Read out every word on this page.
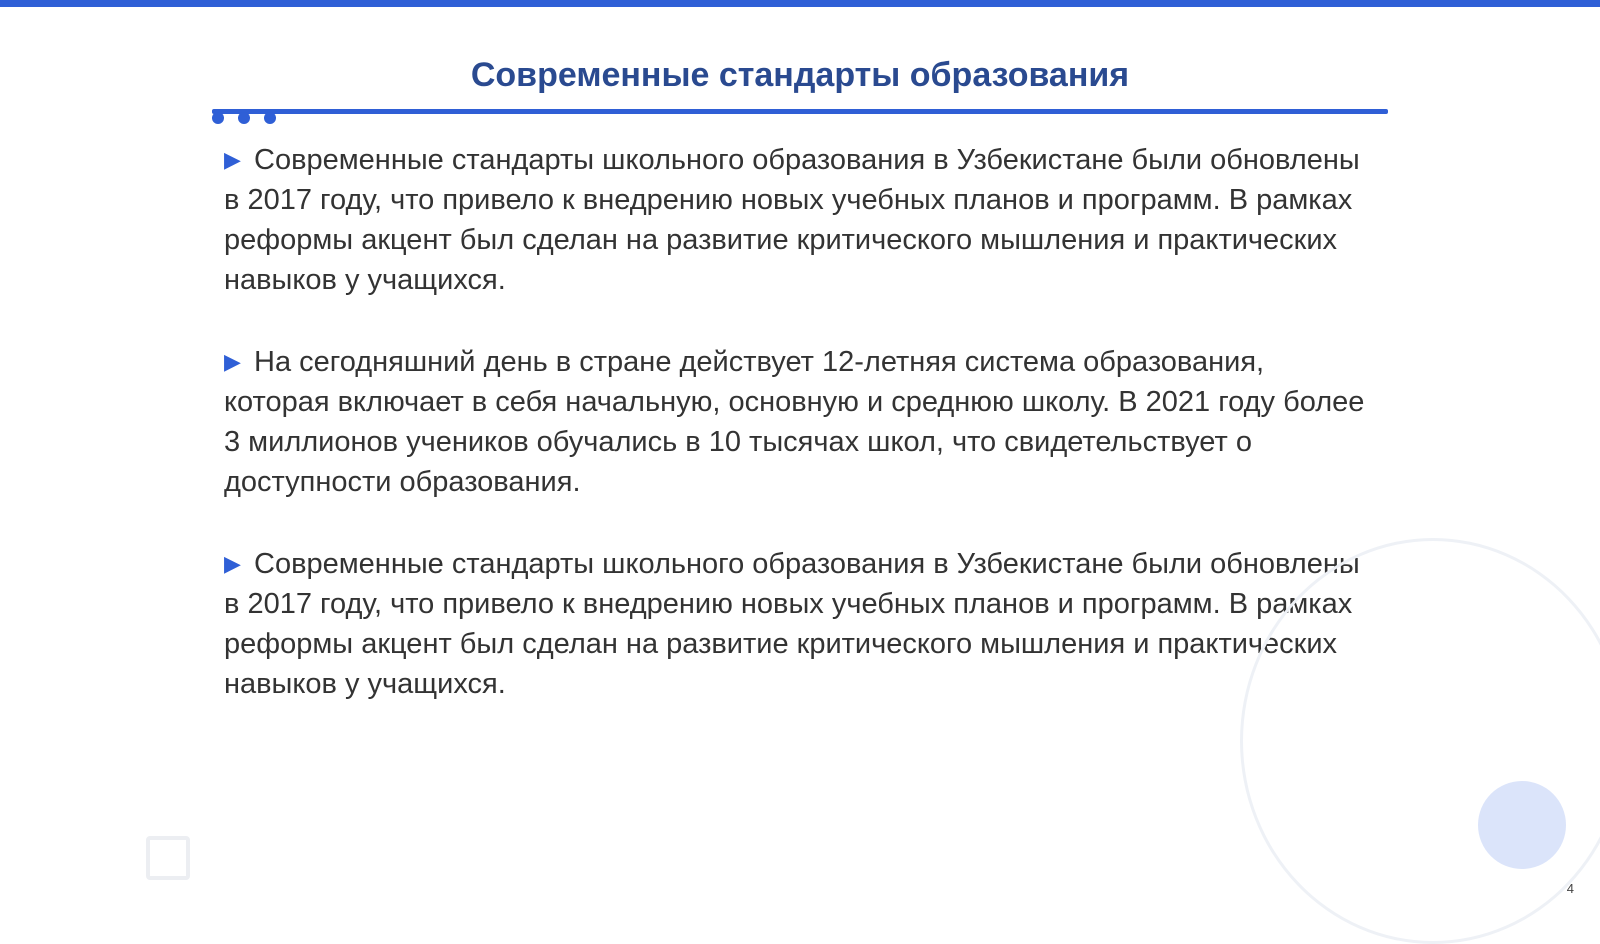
Современные стандарты образования

▶ Современные стандарты школьного образования в Узбекистане были обновлены в 2017 году, что привело к внедрению новых учебных планов и программ. В рамках реформы акцент был сделан на развитие критического мышления и практических навыков у учащихся.

▶ На сегодняшний день в стране действует 12-летняя система образования, которая включает в себя начальную, основную и среднюю школу. В 2021 году более 3 миллионов учеников обучались в 10 тысячах школ, что свидетельствует о доступности образования.

▶ Современные стандарты школьного образования в Узбекистане были обновлены в 2017 году, что привело к внедрению новых учебных планов и программ. В рамках реформы акцент был сделан на развитие критического мышления и практических навыков у учащихся.

4
